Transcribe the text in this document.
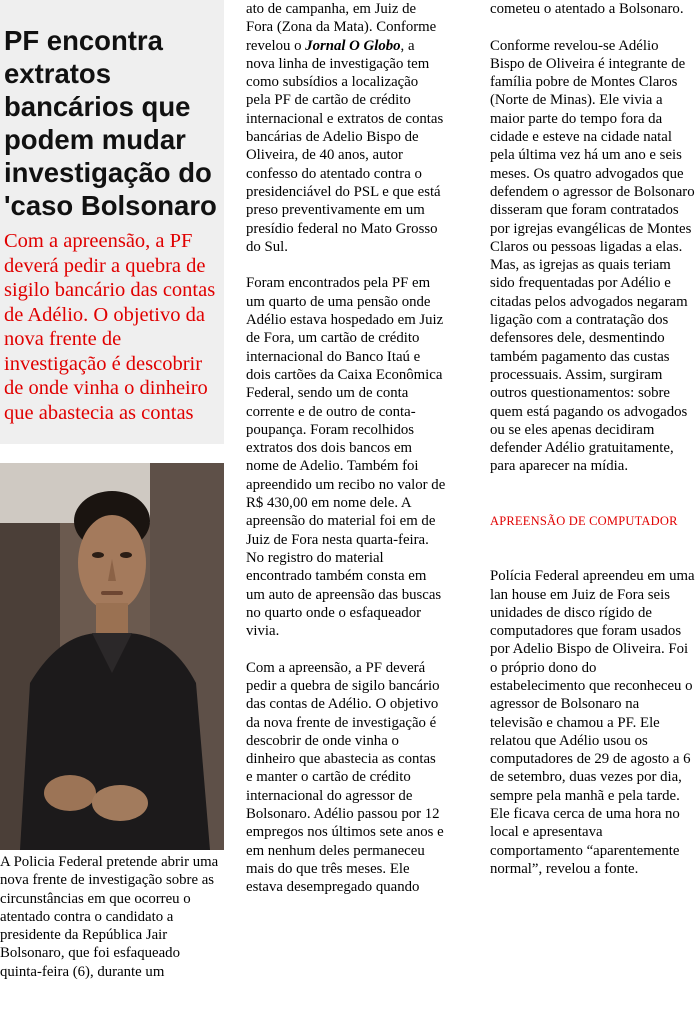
PF encontra extratos bancários que podem mudar investigação do 'caso Bolsonaro

Com a apreensão, a PF deverá pedir a quebra de sigilo bancário das contas de Adélio. O objetivo da nova frente de investigação é descobrir de onde vinha o dinheiro que abastecia as contas

A Policia Federal pretende abrir uma nova frente de investigação sobre as circunstâncias em que ocorreu o atentado contra o candidato a presidente da República Jair Bolsonaro, que foi esfaqueado quinta-feira (6), durante um

ato de campanha, em Juiz de Fora (Zona da Mata). Conforme revelou o Jornal O Globo, a nova linha de investigação tem como subsídios a localização pela PF de cartão de crédito internacional e extratos de contas bancárias de Adelio Bispo de Oliveira, de 40 anos, autor confesso do atentado contra o presidenciável do PSL e que está preso preventivamente em um presídio federal no Mato Grosso do Sul.

Foram encontrados pela PF em um quarto de uma pensão onde Adélio estava hospedado em Juiz de Fora, um cartão de crédito internacional do Banco Itaú e dois cartões da Caixa Econômica Federal, sendo um de conta corrente e de outro de conta-poupança. Foram recolhidos extratos dos dois bancos em nome de Adelio. Também foi apreendido um recibo no valor de R$ 430,00 em nome dele. A apreensão do material foi em de Juiz de Fora nesta quarta-feira.

No registro do material encontrado também consta em um auto de apreensão das buscas no quarto onde o esfaqueador vivia.

Com a apreensão, a PF deverá pedir a quebra de sigilo bancário das contas de Adélio. O objetivo da nova frente de investigação é descobrir de onde vinha o dinheiro que abastecia as contas e manter o cartão de crédito internacional do agressor de Bolsonaro. Adélio passou por 12 empregos nos últimos sete anos e em nenhum deles permaneceu mais do que três meses. Ele estava desempregado quando

cometeu o atentado a Bolsonaro.

Conforme revelou-se Adélio Bispo de Oliveira é integrante de família pobre de Montes Claros (Norte de Minas). Ele vivia a maior parte do tempo fora da cidade e esteve na cidade natal pela última vez há um ano e seis meses. Os quatro advogados que defendem o agressor de Bolsonaro disseram que foram contratados por igrejas evangélicas de Montes Claros ou pessoas ligadas a elas. Mas, as igrejas as quais teriam sido frequentadas por Adélio e citadas pelos advogados negaram ligação com a contratação dos defensores dele, desmentindo também pagamento das custas processuais. Assim, surgiram outros questionamentos: sobre quem está pagando os advogados ou se eles apenas decidiram defender Adélio gratuitamente, para aparecer na mídia.

APREENSÃO DE COMPUTADOR

Polícia Federal apreendeu em uma lan house em Juiz de Fora seis unidades de disco rígido de computadores que foram usados por Adelio Bispo de Oliveira. Foi o próprio dono do estabelecimento que reconheceu o agressor de Bolsonaro na televisão e chamou a PF. Ele relatou que Adélio usou os computadores de 29 de agosto a 6 de setembro, duas vezes por dia, sempre pela manhã e pela tarde. Ele ficava cerca de uma hora no local e apresentava comportamento “aparentemente normal”, revelou a fonte.
